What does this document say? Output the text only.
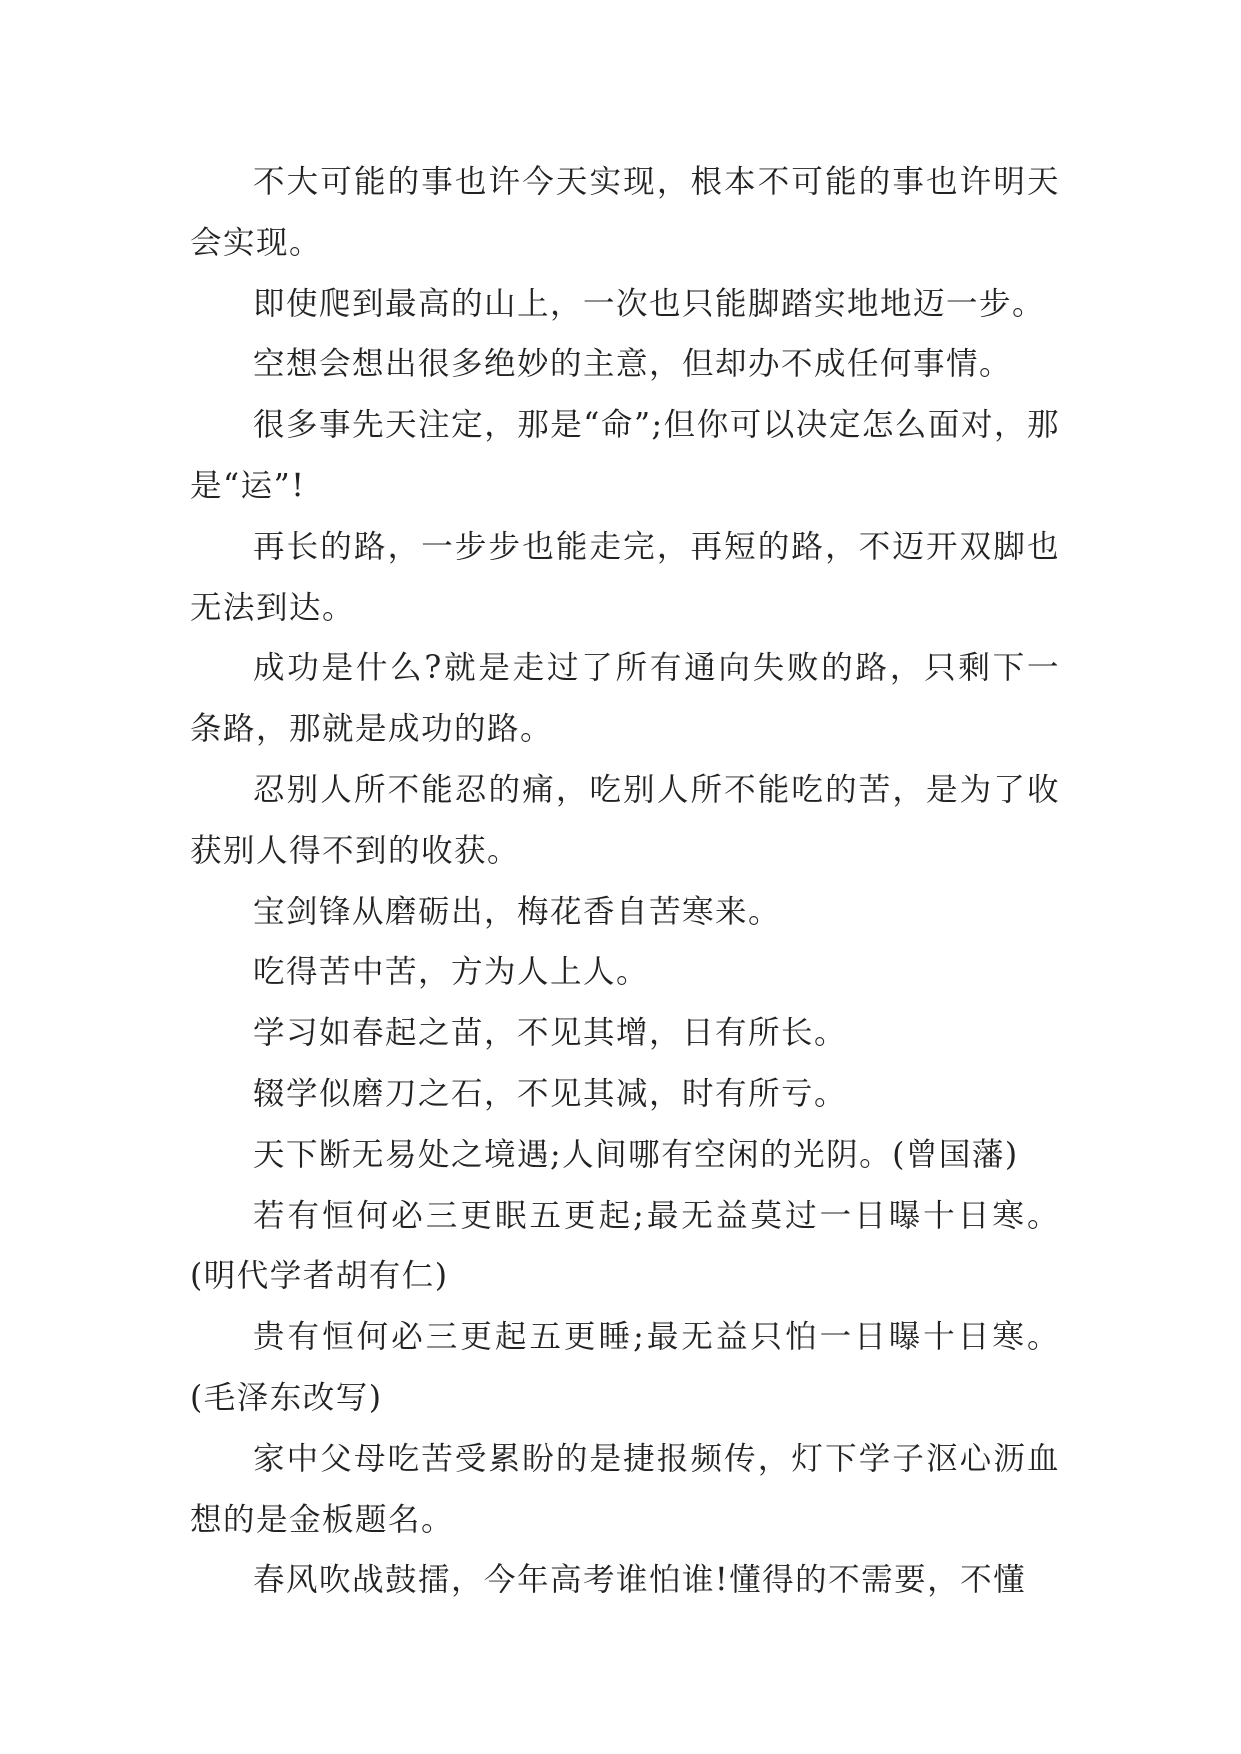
不大可能的事也许今天实现，根本不可能的事也许明天会实现。

即使爬到最高的山上，一次也只能脚踏实地地迈一步。

空想会想出很多绝妙的主意，但却办不成任何事情。

很多事先天注定，那是“命”;但你可以决定怎么面对，那是“运”!

再长的路，一步步也能走完，再短的路，不迈开双脚也无法到达。

成功是什么?就是走过了所有通向失败的路，只剩下一条路，那就是成功的路。

忍别人所不能忍的痛，吃别人所不能吃的苦，是为了收获别人得不到的收获。

宝剑锋从磨砺出，梅花香自苦寒来。

吃得苦中苦，方为人上人。

学习如春起之苗，不见其增，日有所长。

辍学似磨刀之石，不见其减，时有所亏。

天下断无易处之境遇;人间哪有空闲的光阴。(曾国藩)

若有恒何必三更眠五更起;最无益莫过一日曝十日寒。(明代学者胡有仁)

贵有恒何必三更起五更睡;最无益只怕一日曝十日寒。(毛泽东改写)

家中父母吃苦受累盼的是捷报频传，灯下学子沤心沥血想的是金板题名。

春风吹战鼓擂，今年高考谁怕谁!懂得的不需要，不懂
